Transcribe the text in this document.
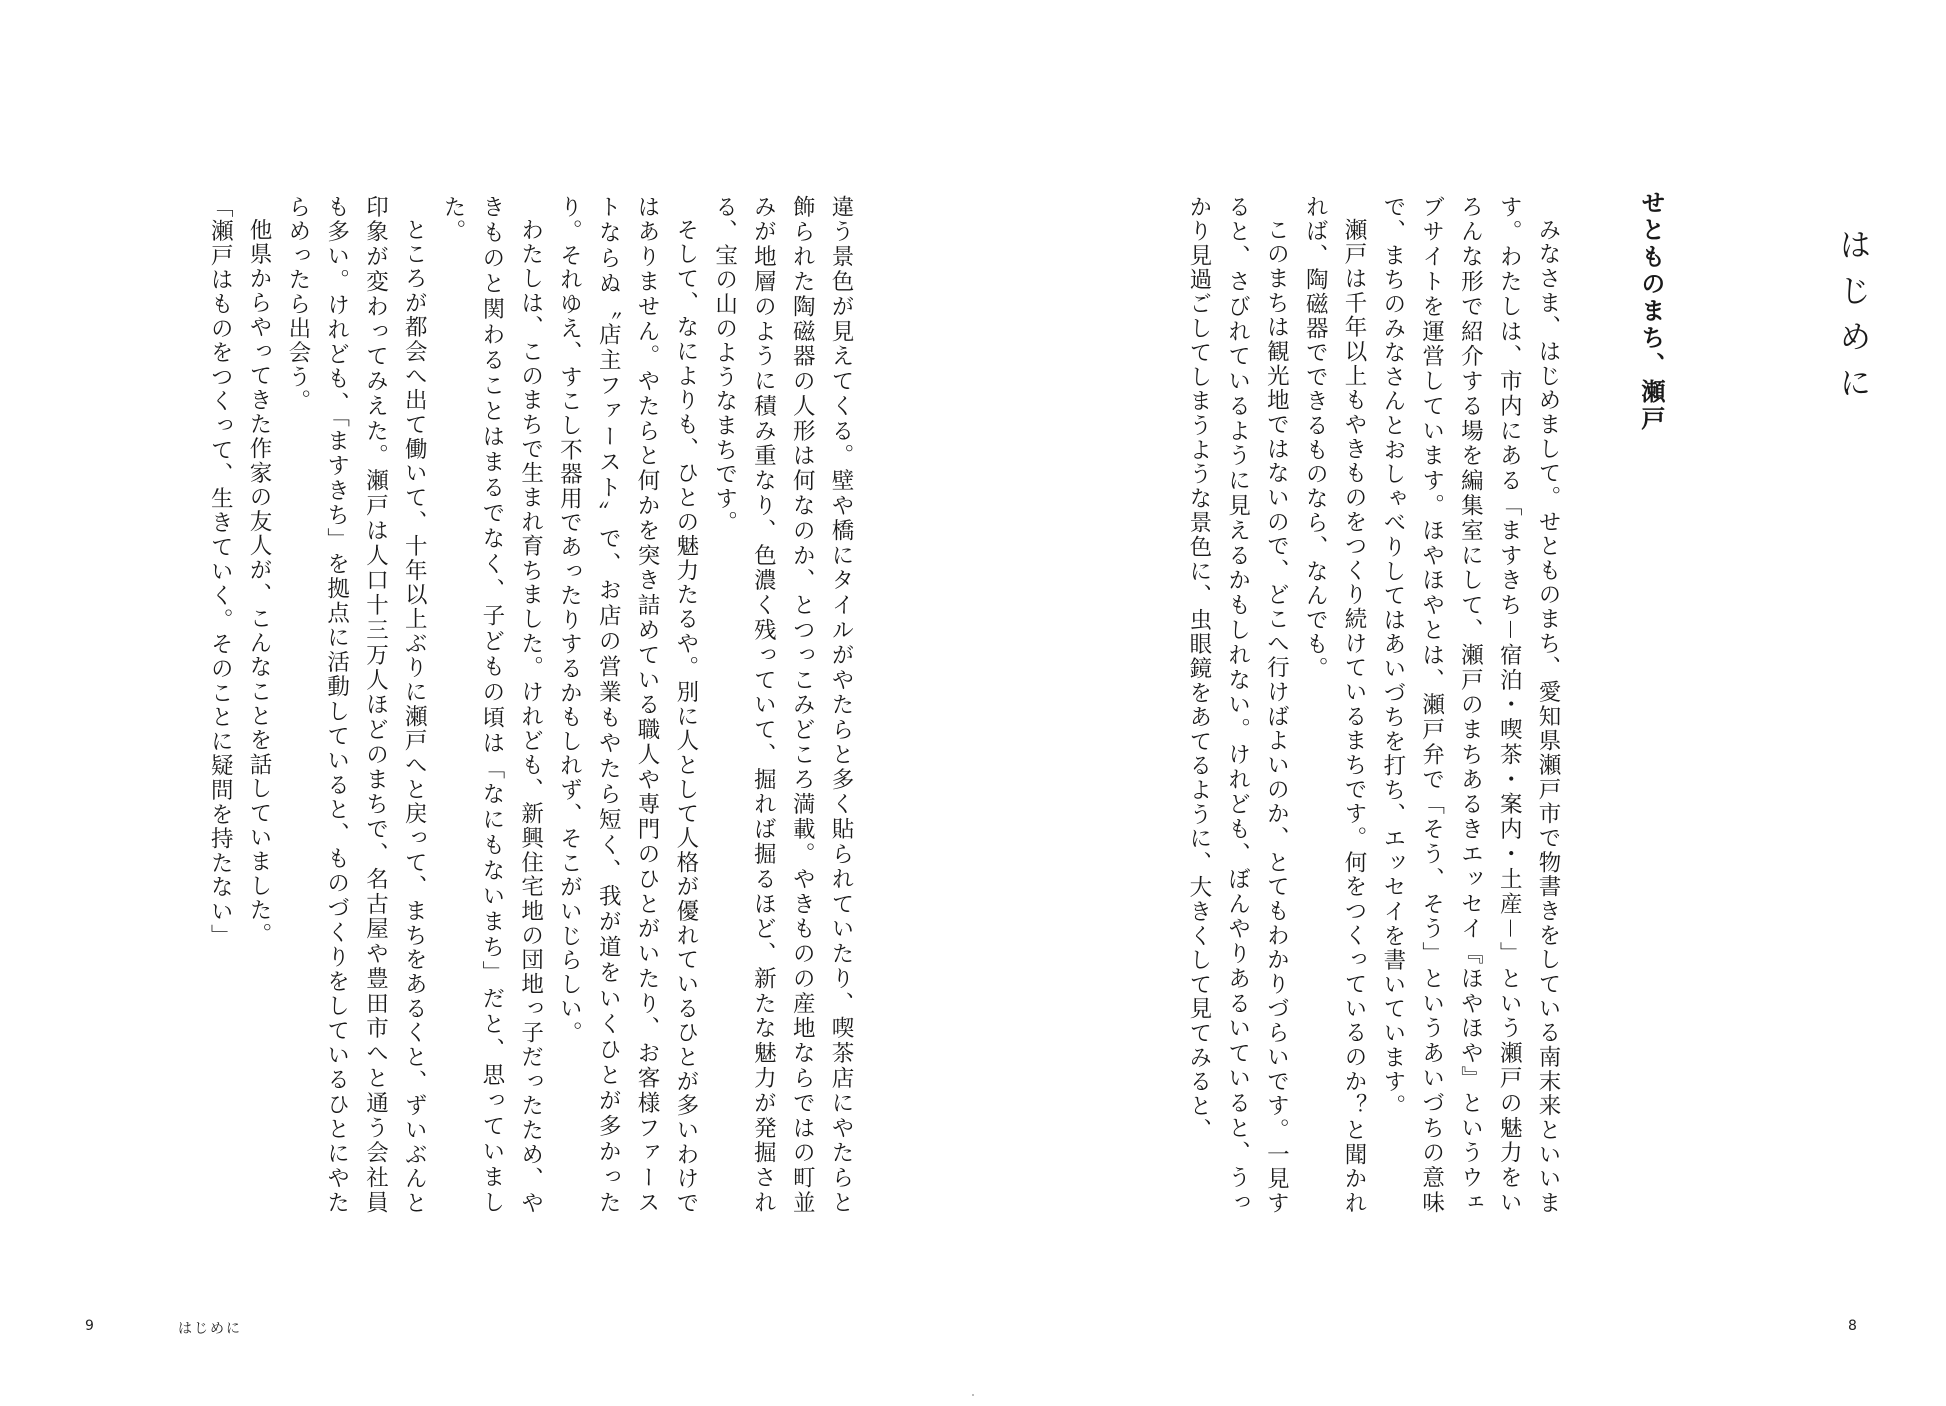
はじめに
せとものまち、瀬戸

みなさま、はじめまして。せとものまち、愛知県瀬戸市で物書きをしている南末来といいます。わたしは、市内にある「ますきち－宿泊・喫茶・案内・土産－」という瀬戸の魅力をいろんな形で紹介する場を編集室にして、瀬戸のまちあるきエッセイ『ほやほや』というウェブサイトを運営しています。ほやほやとは、瀬戸弁で「そう、そう」というあいづちの意味で、まちのみなさんとおしゃべりしてはあいづちを打ち、エッセイを書いています。

瀬戸は千年以上もやきものをつくり続けているまちです。何をつくっているのか？と聞かれれば、陶磁器でできるものなら、なんでも。

このまちは観光地ではないので、どこへ行けばよいのか、とてもわかりづらいです。一見すると、さびれているように見えるかもしれない。けれども、ぼんやりあるいていると、うっかり見過ごしてしまうような景色に、虫眼鏡をあてるように、大きくして見てみると、

違う景色が見えてくる。壁や橋にタイルがやたらと多く貼られていたり、喫茶店にやたらと飾られた陶磁器の人形は何なのか、とつっこみどころ満載。やきものの産地ならではの町並みが地層のように積み重なり、色濃く残っていて、掘れば掘るほど、新たな魅力が発掘される、宝の山のようなまちです。

そして、なによりも、ひとの魅力たるや。別に人として人格が優れているひとが多いわけではありません。やたらと何かを突き詰めている職人や専門のひとがいたり、お客様ファーストならぬ〝店主ファースト〟で、お店の営業もやたら短く、我が道をいくひとが多かったり。それゆえ、すこし不器用であったりするかもしれず、そこがいじらしい。

わたしは、このまちで生まれ育ちました。けれども、新興住宅地の団地っ子だったため、やきものと関わることはまるでなく、子どもの頃は「なにもないまち」だと、思っていました。

ところが都会へ出て働いて、十年以上ぶりに瀬戸へと戻って、まちをあるくと、ずいぶんと印象が変わってみえた。瀬戸は人口十三万人ほどのまちで、名古屋や豊田市へと通う会社員も多い。けれども、「ますきち」を拠点に活動していると、ものづくりをしているひとにやたらめったら出会う。

他県からやってきた作家の友人が、こんなことを話していました。

「瀬戸はものをつくって、生きていく。そのことに疑問を持たない」

9	はじめに	8
